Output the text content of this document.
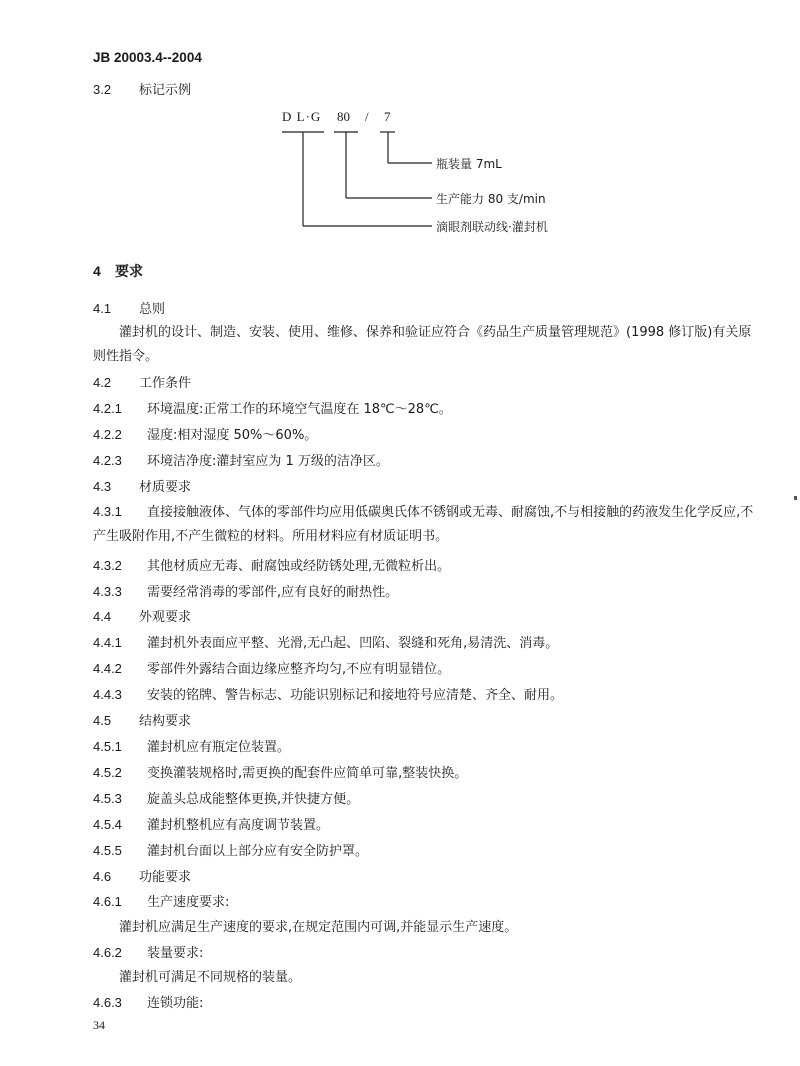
JB 20003.4--2004
3.2 标记示例
D L·G 80 / 7
瓶装量 7mL
生产能力 80 支/min
滴眼剂联动线·灌封机
4 要求
4.1 总则
灌封机的设计、制造、安装、使用、维修、保养和验证应符合《药品生产质量管理规范》(1998 修订版)有关原则性指令。
4.2 工作条件
4.2.1 环境温度:正常工作的环境空气温度在 18℃～28℃。
4.2.2 湿度:相对湿度 50%～60%。
4.2.3 环境洁净度:灌封室应为 1 万级的洁净区。
4.3 材质要求
4.3.1 直接接触液体、气体的零部件均应用低碳奥氏体不锈钢或无毒、耐腐蚀,不与相接触的药液发生化学反应,不产生吸附作用,不产生微粒的材料。所用材料应有材质证明书。
4.3.2 其他材质应无毒、耐腐蚀或经防锈处理,无微粒析出。
4.3.3 需要经常消毒的零部件,应有良好的耐热性。
4.4 外观要求
4.4.1 灌封机外表面应平整、光滑,无凸起、凹陷、裂缝和死角,易清洗、消毒。
4.4.2 零部件外露结合面边缘应整齐均匀,不应有明显错位。
4.4.3 安装的铭牌、警告标志、功能识别标记和接地符号应清楚、齐全、耐用。
4.5 结构要求
4.5.1 灌封机应有瓶定位装置。
4.5.2 变换灌装规格时,需更换的配套件应简单可靠,整装快换。
4.5.3 旋盖头总成能整体更换,并快捷方便。
4.5.4 灌封机整机应有高度调节装置。
4.5.5 灌封机台面以上部分应有安全防护罩。
4.6 功能要求
4.6.1 生产速度要求:
灌封机应满足生产速度的要求,在规定范围内可调,并能显示生产速度。
4.6.2 装量要求:
灌封机可满足不同规格的装量。
4.6.3 连锁功能:
34
